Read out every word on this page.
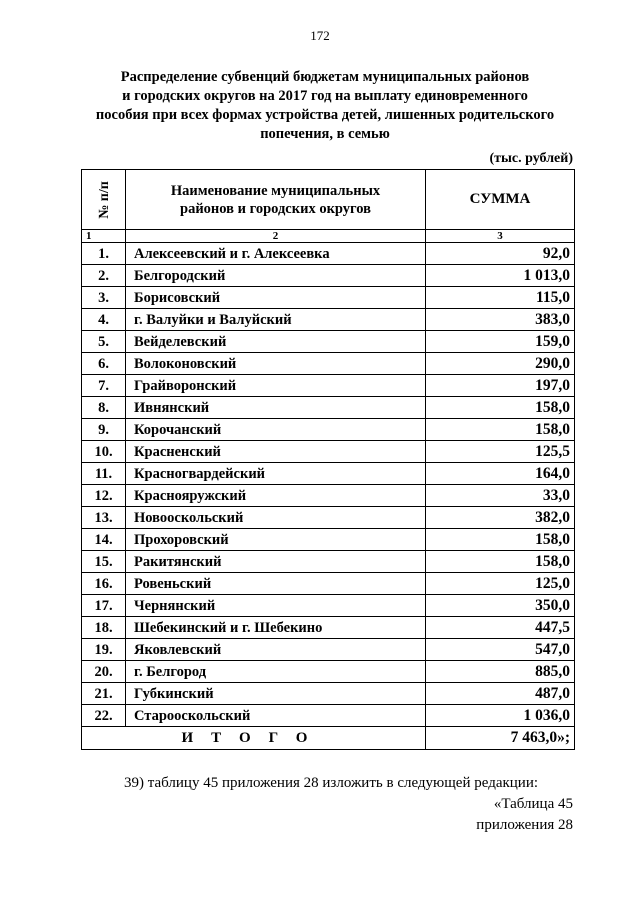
172
Распределение субвенций бюджетам муниципальных районов
и городских округов на 2017 год на выплату единовременного
пособия при всех формах устройства детей, лишенных родительского
попечения, в семью
(тыс. рублей)
№ п/п	Наименование муниципальных
районов и городских округов	СУММА
1	2	3
1.	Алексеевский и г. Алексеевка	92,0
2.	Белгородский	1 013,0
3.	Борисовский	115,0
4.	г. Валуйки и Валуйский	383,0
5.	Вейделевский	159,0
6.	Волоконовский	290,0
7.	Грайворонский	197,0
8.	Ивнянский	158,0
9.	Корочанский	158,0
10.	Красненский	125,5
11.	Красногвардейский	164,0
12.	Краснояружский	33,0
13.	Новооскольский	382,0
14.	Прохоровский	158,0
15.	Ракитянский	158,0
16.	Ровеньский	125,0
17.	Чернянский	350,0
18.	Шебекинский и г. Шебекино	447,5
19.	Яковлевский	547,0
20.	г. Белгород	885,0
21.	Губкинский	487,0
22.	Старооскольский	1 036,0
ИТОГО		7 463,0»;
39) таблицу 45 приложения 28 изложить в следующей редакции:
«Таблица 45
приложения 28
